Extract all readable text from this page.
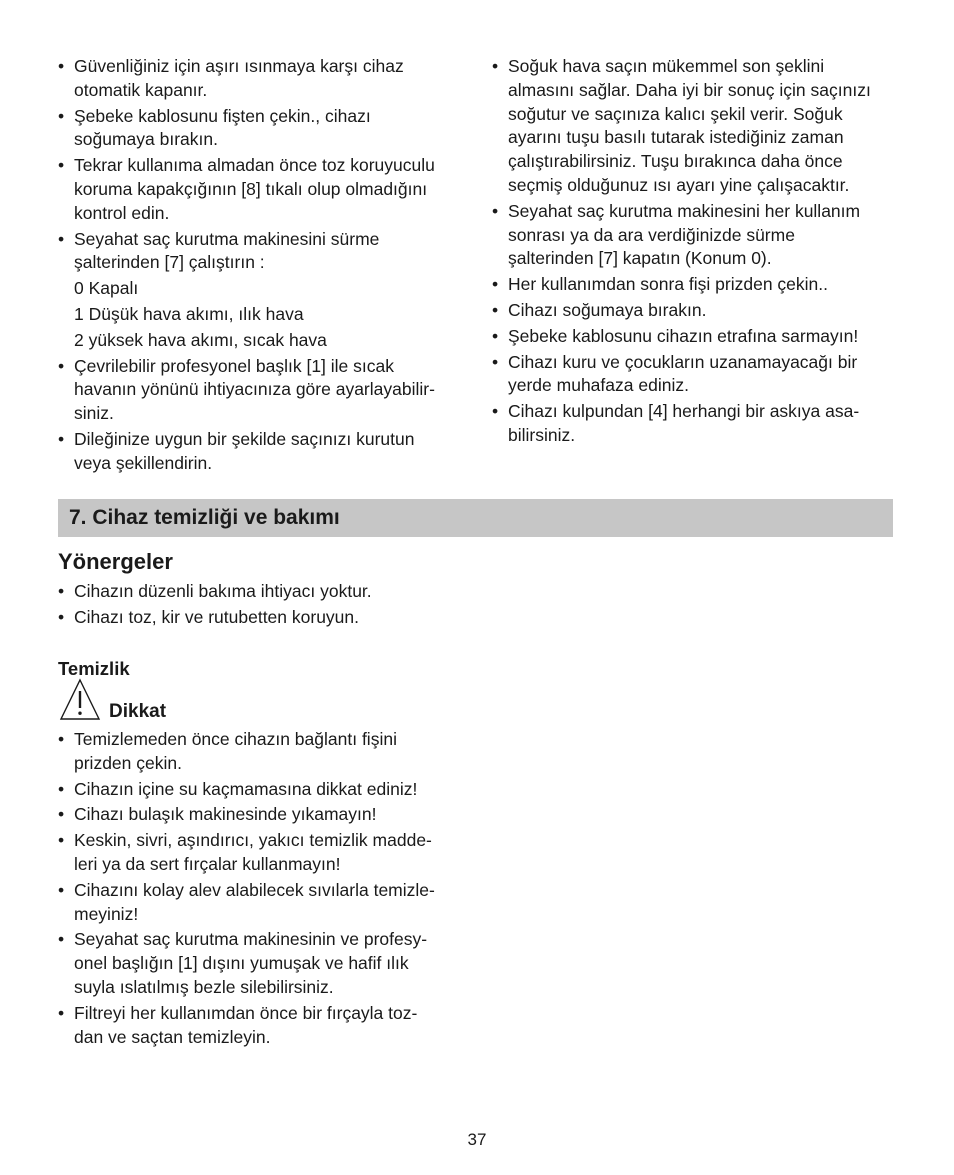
• Güvenliğiniz için aşırı ısınmaya karşı cihaz
otomatik kapanır.
• Şebeke kablosunu fişten çekin., cihazı
soğumaya bırakın.
• Tekrar kullanıma almadan önce toz koruyuculu
koruma kapakçığının [8] tıkalı olup olmadığını
kontrol edin.
• Seyahat saç kurutma makinesini sürme
şalterinden [7] çalıştırın :
0 Kapalı
1 Düşük hava akımı, ılık hava
2 yüksek hava akımı, sıcak hava
• Çevrilebilir profesyonel başlık [1] ile sıcak
havanın yönünü ihtiyacınıza göre ayarlayabilir-
siniz.
• Dileğinize uygun bir şekilde saçınızı kurutun
veya şekillendirin.
• Soğuk hava saçın mükemmel son şeklini
almasını sağlar. Daha iyi bir sonuç için saçınızı
soğutur ve saçınıza kalıcı şekil verir. Soğuk
ayarını tuşu basılı tutarak istediğiniz zaman
çalıştırabilirsiniz. Tuşu bırakınca daha önce
seçmiş olduğunuz ısı ayarı yine çalışacaktır.
• Seyahat saç kurutma makinesini her kullanım
sonrası ya da ara verdiğinizde sürme
şalterinden [7] kapatın (Konum 0).
• Her kullanımdan sonra fişi prizden çekin..
• Cihazı soğumaya bırakın.
• Şebeke kablosunu cihazın etrafına sarmayın!
• Cihazı kuru ve çocukların uzanamayacağı bir
yerde muhafaza ediniz.
• Cihazı kulpundan [4] herhangi bir askıya asa-
bilirsiniz.
7. Cihaz temizliği ve bakımı
Yönergeler
• Cihazın düzenli bakıma ihtiyacı yoktur.
• Cihazı toz, kir ve rutubetten koruyun.
Temizlik
Dikkat
• Temizlemeden önce cihazın bağlantı fişini
prizden çekin.
• Cihazın içine su kaçmamasına dikkat ediniz!
• Cihazı bulaşık makinesinde yıkamayın!
• Keskin, sivri, aşındırıcı, yakıcı temizlik madde-
leri ya da sert fırçalar kullanmayın!
• Cihazını kolay alev alabilecek sıvılarla temizle-
meyiniz!
• Seyahat saç kurutma makinesinin ve profesy-
onel başlığın [1] dışını yumuşak ve hafif ılık
suyla ıslatılmış bezle silebilirsiniz.
• Filtreyi her kullanımdan önce bir fırçayla toz-
dan ve saçtan temizleyin.
37
